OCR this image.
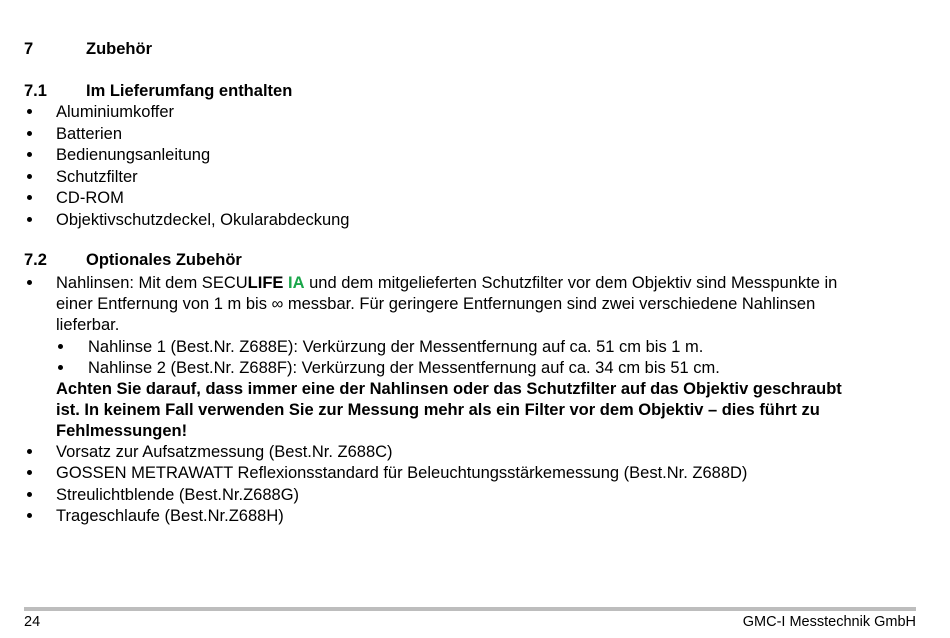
7	Zubehör
7.1 Im Lieferumfang enthalten
Aluminiumkoffer
Batterien
Bedienungsanleitung
Schutzfilter
CD-ROM
Objektivschutzdeckel, Okularabdeckung
7.2 Optionales Zubehör
Nahlinsen: Mit dem SECULIFE IA und dem mitgelieferten Schutzfilter vor dem Objektiv sind Messpunkte in
einer Entfernung von 1 m bis ∞ messbar. Für geringere Entfernungen sind zwei verschiedene Nahlinsen
lieferbar.
Nahlinse 1 (Best.Nr. Z688E): Verkürzung der Messentfernung auf ca. 51 cm bis 1 m.
Nahlinse 2 (Best.Nr. Z688F): Verkürzung der Messentfernung auf ca. 34 cm bis 51 cm.
Achten Sie darauf, dass immer eine der Nahlinsen oder das Schutzfilter auf das Objektiv geschraubt
ist. In keinem Fall verwenden Sie zur Messung mehr als ein Filter vor dem Objektiv – dies führt zu
Fehlmessungen!
Vorsatz zur Aufsatzmessung (Best.Nr. Z688C)
GOSSEN METRAWATT Reflexionsstandard für Beleuchtungsstärkemessung (Best.Nr. Z688D)
Streulichtblende (Best.Nr.Z688G)
Trageschlaufe (Best.Nr.Z688H)
24	GMC-I Messtechnik GmbH
